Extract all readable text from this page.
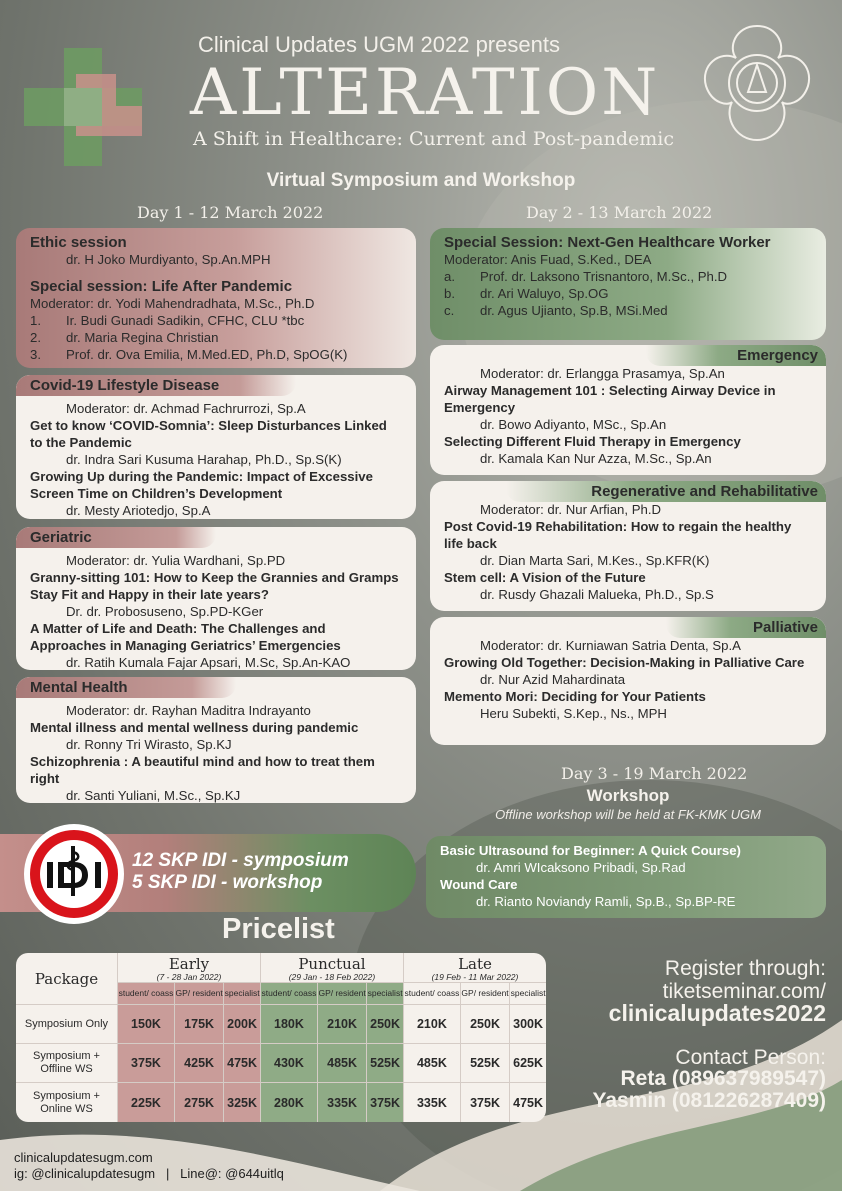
Clinical Updates UGM 2022 presents
ALTERATION
A Shift in Healthcare: Current and Post-pandemic
Virtual Symposium and Workshop
Day 1 - 12 March 2022	Day 2 - 13 March 2022
Ethic session
dr. H Joko Murdiyanto, Sp.An.MPH
Special session: Life After Pandemic
Moderator: dr. Yodi Mahendradhata, M.Sc., Ph.D
1.	Ir. Budi Gunadi Sadikin, CFHC, CLU *tbc
2.	dr. Maria Regina Christian
3.	Prof. dr. Ova Emilia, M.Med.ED, Ph.D, SpOG(K)
Covid-19 Lifestyle Disease
Moderator: dr. Achmad Fachrurrozi, Sp.A
Get to know ‘COVID-Somnia’: Sleep Disturbances Linked to the Pandemic
dr. Indra Sari Kusuma Harahap, Ph.D., Sp.S(K)
Growing Up during the Pandemic: Impact of Excessive Screen Time on Children’s Development
dr. Mesty Ariotedjo, Sp.A
Geriatric
Moderator: dr. Yulia Wardhani, Sp.PD
Granny-sitting 101: How to Keep the Grannies and Gramps Stay Fit and Happy in their late years?
Dr. dr. Probosuseno, Sp.PD-KGer
A Matter of Life and Death: The Challenges and Approaches in Managing Geriatrics’ Emergencies
dr. Ratih Kumala Fajar Apsari, M.Sc, Sp.An-KAO
Mental Health
Moderator: dr. Rayhan Maditra Indrayanto
Mental illness and mental wellness during pandemic
dr. Ronny Tri Wirasto, Sp.KJ
Schizophrenia : A beautiful mind and how to treat them right
dr. Santi Yuliani, M.Sc., Sp.KJ
Special Session: Next-Gen Healthcare Worker
Moderator: Anis Fuad, S.Ked., DEA
a.	Prof. dr. Laksono Trisnantoro, M.Sc., Ph.D
b.	dr. Ari Waluyo, Sp.OG
c.	dr. Agus Ujianto, Sp.B, MSi.Med
Emergency
Moderator: dr. Erlangga Prasamya, Sp.An
Airway Management 101 : Selecting Airway Device in Emergency
dr. Bowo Adiyanto, MSc., Sp.An
Selecting Different Fluid Therapy in Emergency
dr. Kamala Kan Nur Azza, M.Sc., Sp.An
Regenerative and Rehabilitative
Moderator: dr. Nur Arfian, Ph.D
Post Covid-19 Rehabilitation: How to regain the healthy life back
dr. Dian Marta Sari, M.Kes., Sp.KFR(K)
Stem cell: A Vision of the Future
dr. Rusdy Ghazali Malueka, Ph.D., Sp.S
Palliative
Moderator: dr. Kurniawan Satria Denta, Sp.A
Growing Old Together: Decision-Making in Palliative Care
dr. Nur Azid Mahardinata
Memento Mori: Deciding for Your Patients
Heru Subekti, S.Kep., Ns., MPH
Day 3 - 19 March 2022
Workshop
Offline workshop will be held at FK-KMK UGM
Basic Ultrasound for Beginner: A Quick Course)
dr. Amri WIcaksono Pribadi, Sp.Rad
Wound Care
dr. Rianto Noviandy Ramli, Sp.B., Sp.BP-RE
IDI
12 SKP IDI - symposium
5 SKP IDI - workshop
Pricelist
Package	Early
(7 - 28 Jan 2022)			Punctual
(29 Jan - 18 Feb 2022)			Late
(19 Feb - 11 Mar 2022)		

	student/ coass	GP/ resident	specialist	student/ coass	GP/ resident	specialist	student/ coass	GP/ resident	specialist
Symposium Only	150K	175K	200K	180K	210K	250K	210K	250K	300K
Symposium + Offline WS	375K	425K	475K	430K	485K	525K	485K	525K	625K
Symposium + Online WS	225K	275K	325K	280K	335K	375K	335K	375K	475K
Register through:
tiketseminar.com/
clinicalupdates2022
Contact Person:
Reta (089637989547)
Yasmin (081226287409)
clinicalupdatesugm.com
ig: @clinicalupdatesugm   |   Line@: @644uitlq
